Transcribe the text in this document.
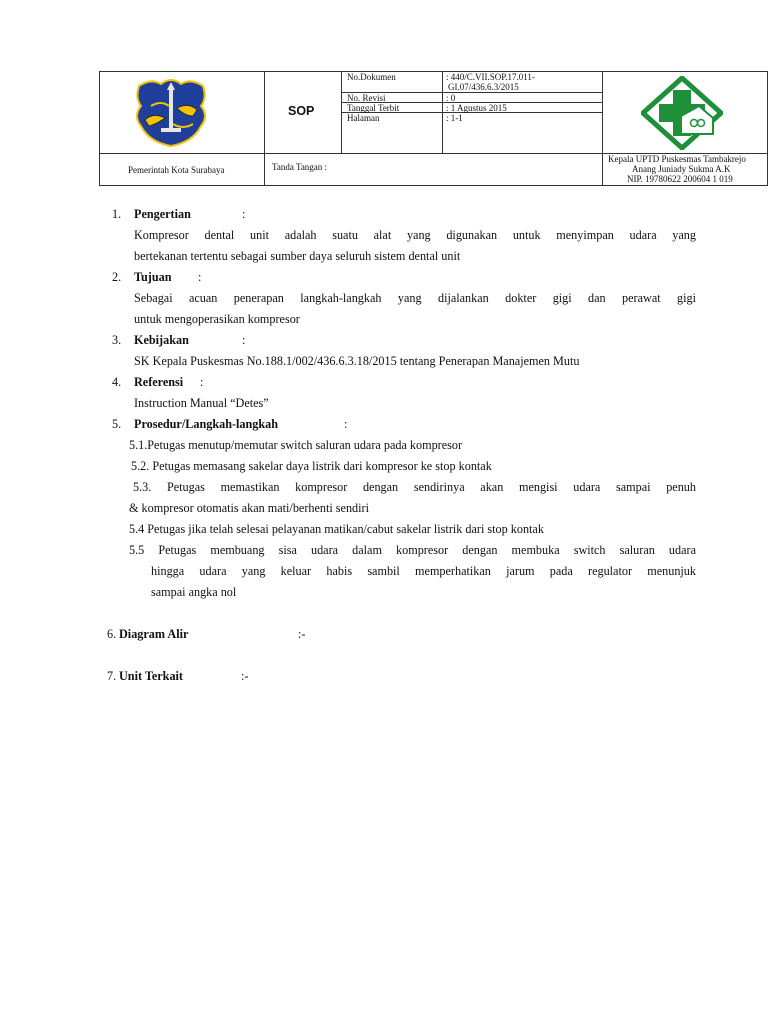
SOP
No.Dokumen	: 440/C.VII.SOP.17.011-
GI.07/436.6.3/2015
No. Revisi	: 0
Tanggal Terbit	: 1 Agustus 2015
Halaman	: 1-1
Pemerintah Kota Surabaya	Tanda Tangan :
Kepala UPTD Puskesmas Tambakrejo
Anang Juniady Sukma A.K
NIP. 19780622 200604 1 019
1. Pengertian	:
Kompresor dental unit adalah suatu alat yang digunakan untuk menyimpan udara yang
bertekanan tertentu sebagai sumber daya seluruh sistem dental unit
2. Tujuan :
Sebagai acuan penerapan langkah-langkah yang dijalankan dokter gigi dan perawat gigi
untuk mengoperasikan kompresor
3. Kebijakan	:
SK Kepala Puskesmas No.188.1/002/436.6.3.18/2015 tentang Penerapan Manajemen Mutu
4. Referensi :
Instruction Manual “Detes”
5. Prosedur/Langkah-langkah	:
5.1.Petugas menutup/memutar switch saluran udara pada kompresor
5.2. Petugas memasang sakelar daya listrik dari kompresor ke stop kontak
5.3. Petugas memastikan kompresor dengan sendirinya akan mengisi udara sampai penuh
& kompresor otomatis akan mati/berhenti sendiri
5.4 Petugas jika telah selesai pelayanan matikan/cabut sakelar listrik dari stop kontak
5.5 Petugas membuang sisa udara dalam kompresor dengan membuka switch saluran udara
hingga udara yang keluar habis sambil memperhatikan jarum pada regulator menunjuk
sampai angka nol
6. Diagram Alir	:-
7. Unit Terkait	:-
